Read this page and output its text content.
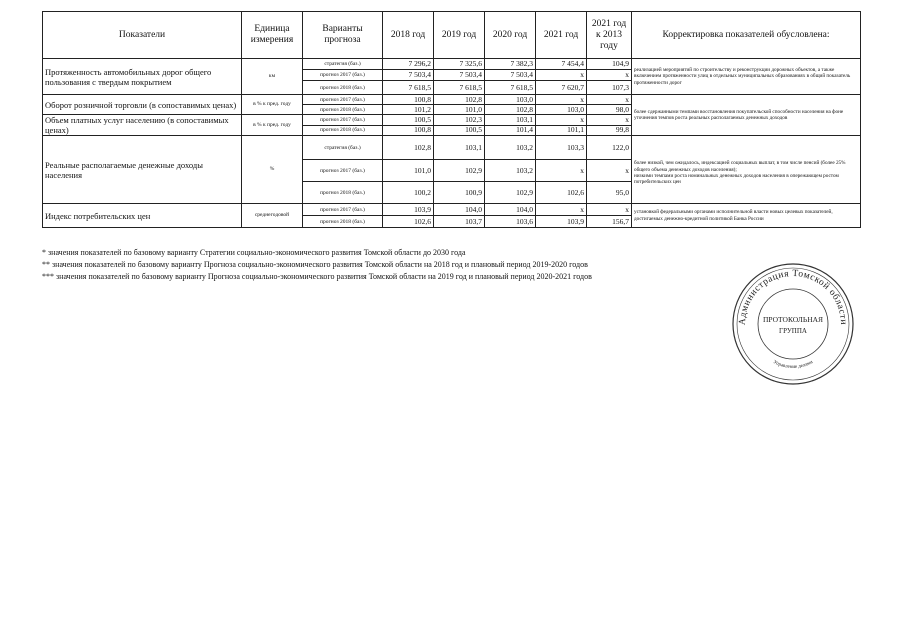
Показатели	Единица измерения	Варианты прогноза	2018 год	2019 год	2020 год	2021 год	2021 год к 2013 году	Корректировка показателей обусловлена:
Протяженность автомобильных дорог общего пользования с твердым покрытием	км	стратегия (баз.)	7 296,2	7 325,6	7 382,3	7 454,4	104,9	реализацией мероприятий по строительству и реконструкции дорожных объектов, а также включением протяженности улиц в отдельных муниципальных образованиях в общий показатель протяженности дорог
		прогноз 2017 (баз.)	7 503,4	7 503,4	7 503,4	x	x	
		прогноз 2018 (баз.)	7 618,5	7 618,5	7 618,5	7 620,7	107,3	
Оборот розничной торговли (в сопоставимых ценах)	в % к пред. году	прогноз 2017 (баз.)	100,8	102,8	103,0	x	x	более сдержанными темпами восстановления покупательской способности населения на фоне уточнения темпов роста реальных располагаемых денежных доходов
		прогноз 2018 (баз.)	101,2	101,0	102,8	103,0	98,0	
Объем платных услуг населению (в сопоставимых ценах)	в % к пред. году	прогноз 2017 (баз.)	100,5	102,3	103,1	x	x	
		прогноз 2018 (баз.)	100,8	100,5	101,4	101,1	99,8	
Реальные располагаемые денежные доходы населения	%	стратегия (баз.)	102,8	103,1	103,2	103,3	122,0	более низкой, чем ожидалось, индексацией социальных выплат, в том числе пенсий (более 25% общего объема денежных доходов населения);
низкими темпами роста номинальных денежных доходов населения в опережающем ростом потребительских цен

		прогноз 2017 (баз.)	101,0	102,9	103,2	x	x	
		прогноз 2018 (баз.)	100,2	100,9	102,9	102,6	95,0	
Индекс потребительских цен	среднегодовой	прогноз 2017 (баз.)	103,9	104,0	104,0	x	x	установкой федеральными органами исполнительной власти новых целевых показателей, достигаемых денежно-кредитной политикой Банка России
		прогноз 2018 (баз.)	102,6	103,7	103,6	103,9	156,7	
* значения показателей по базовому варианту Стратегии социально-экономического развития Томской области до 2030 года
** значения показателей по базовому варианту Прогноза социально-экономического развития Томской области на 2018 год и плановый период 2019-2020 годов
*** значения показателей по базовому варианту Прогноза социально-экономического развития Томской области на 2019 год и плановый период 2020-2021 годов
Администрация Томской области
Управление делами
ПРОТОКОЛЬНАЯ
ГРУППА
